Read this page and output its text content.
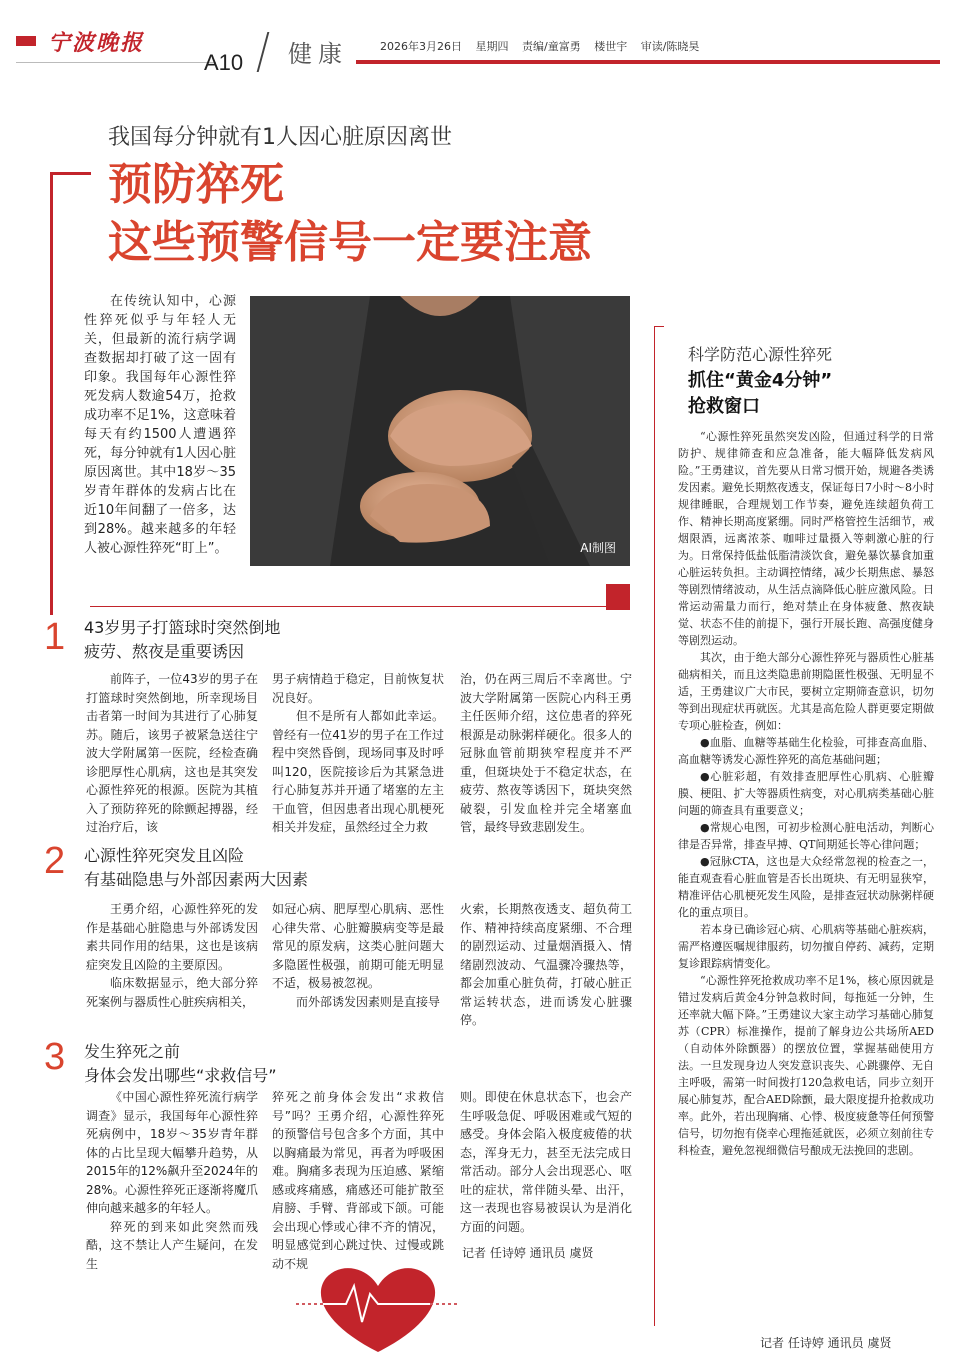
宁波晚报
A10 健康	2026年3月26日 星期四 责编/童富勇 楼世宇 审读/陈晓昊
我国每分钟就有1人因心脏原因离世
预防猝死
这些预警信号一定要注意

在传统认知中，心源性猝死似乎与年轻人无关，但最新的流行病学调查数据却打破了这一固有印象。我国每年心源性猝死发病人数逾54万，抢救成功率不足1%，这意味着每天有约1500人遭遇猝死，每分钟就有1人因心脏原因离世。其中18岁～35岁青年群体的发病占比在近10年间翻了一倍多，达到28%。越来越多的年轻人被心源性猝死“盯上”。	AI制图
1 43岁男子打篮球时突然倒地
疲劳、熬夜是重要诱因

前阵子，一位43岁的男子在打篮球时突然倒地，所幸现场目击者第一时间为其进行了心肺复苏。随后，该男子被紧急送往宁波大学附属第一医院，经检查确诊肥厚性心肌病，这也是其突发心源性猝死的根源。医院为其植入了预防猝死的除颤起搏器，经过治疗后，该

男子病情趋于稳定，目前恢复状况良好。

但不是所有人都如此幸运。曾经有一位41岁的男子在工作过程中突然昏倒，现场同事及时呼叫120，医院接诊后为其紧急进行心肺复苏并开通了堵塞的左主干血管，但因患者出现心肌梗死相关并发症，虽然经过全力救

治，仍在两三周后不幸离世。宁波大学附属第一医院心内科王勇主任医师介绍，这位患者的猝死根源是动脉粥样硬化。很多人的冠脉血管前期狭窄程度并不严重，但斑块处于不稳定状态，在疲劳、熬夜等诱因下，斑块突然破裂，引发血栓并完全堵塞血管，最终导致悲剧发生。

2 心源性猝死突发且凶险
有基础隐患与外部因素两大因素

王勇介绍，心源性猝死的发作是基础心脏隐患与外部诱发因素共同作用的结果，这也是该病症突发且凶险的主要原因。

临床数据显示，绝大部分猝死案例与器质性心脏疾病相关，

如冠心病、肥厚型心肌病、恶性心律失常、心脏瓣膜病变等是最常见的原发病，这类心脏问题大多隐匿性极强，前期可能无明显不适，极易被忽视。

而外部诱发因素则是直接导

火索，长期熬夜透支、超负荷工作、精神持续高度紧绷、不合理的剧烈运动、过量烟酒摄入、情绪剧烈波动、气温骤冷骤热等，都会加重心脏负荷，打破心脏正常运转状态，进而诱发心脏骤停。

3 发生猝死之前
身体会发出哪些“求救信号”

《中国心源性猝死流行病学调查》显示，我国每年心源性猝死病例中，18岁～35岁青年群体的占比呈现大幅攀升趋势，从2015年的12%飙升至2024年的28%。心源性猝死正逐渐将魔爪伸向越来越多的年轻人。

猝死的到来如此突然而残酷，这不禁让人产生疑问，在发生

猝死之前身体会发出“求救信号”吗？王勇介绍，心源性猝死的预警信号包含多个方面，其中以胸痛最为常见，再者为呼吸困难。胸痛多表现为压迫感、紧缩感或疼痛感，痛感还可能扩散至肩膀、手臂、背部或下颌。可能会出现心悸或心律不齐的情况，明显感觉到心跳过快、过慢或跳动不规

则。即使在休息状态下，也会产生呼吸急促、呼吸困难或气短的感受。身体会陷入极度疲倦的状态，浑身无力，甚至无法完成日常活动。部分人会出现恶心、呕吐的症状，常伴随头晕、出汗，这一表现也容易被误认为是消化方面的问题。

记者 任诗婷 通讯员 虞贤
科学防范心源性猝死
抓住“黄金4分钟”
抢救窗口

“心源性猝死虽然突发凶险，但通过科学的日常防护、规律筛查和应急准备，能大幅降低发病风险。”王勇建议，首先要从日常习惯开始，规避各类诱发因素。避免长期熬夜透支，保证每日7小时～8小时规律睡眠，合理规划工作节奏，避免连续超负荷工作、精神长期高度紧绷。同时严格管控生活细节，戒烟限酒，远离浓茶、咖啡过量摄入等刺激心脏的行为。日常保持低盐低脂清淡饮食，避免暴饮暴食加重心脏运转负担。主动调控情绪，减少长期焦虑、暴怒等剧烈情绪波动，从生活点滴降低心脏应激风险。日常运动需量力而行，绝对禁止在身体疲惫、熬夜缺觉、状态不佳的前提下，强行开展长跑、高强度健身等剧烈运动。

其次，由于绝大部分心源性猝死与器质性心脏基础病相关，而且这类隐患前期隐匿性极强、无明显不适，王勇建议广大市民，要树立定期筛查意识，切勿等到出现症状再就医。尤其是高危险人群更要定期做专项心脏检查，例如：

●血脂、血糖等基础生化检验，可排查高血脂、高血糖等诱发心源性猝死的高危基础问题；

●心脏彩超，有效排查肥厚性心肌病、心脏瓣膜、梗阻、扩大等器质性病变，对心肌病类基础心脏问题的筛查具有重要意义；

●常规心电图，可初步检测心脏电活动，判断心律是否异常，排查早搏、QT间期延长等心律问题；

●冠脉CTA，这也是大众经常忽视的检查之一，能直观查看心脏血管是否长出斑块、有无明显狭窄，精准评估心肌梗死发生风险，是排查冠状动脉粥样硬化的重点项目。

若本身已确诊冠心病、心肌病等基础心脏疾病，需严格遵医嘱规律服药，切勿擅自停药、减药，定期复诊跟踪病情变化。

“心源性猝死抢救成功率不足1%，核心原因就是错过发病后黄金4分钟急救时间，每拖延一分钟，生还率就大幅下降。”王勇建议大家主动学习基础心肺复苏（CPR）标准操作，提前了解身边公共场所AED（自动体外除颤器）的摆放位置，掌握基础使用方法。一旦发现身边人突发意识丧失、心跳骤停、无自主呼吸，需第一时间拨打120急救电话，同步立刻开展心肺复苏，配合AED除颤，最大限度提升抢救成功率。此外，若出现胸痛、心悸、极度疲惫等任何预警信号，切勿抱有侥幸心理拖延就医，必须立刻前往专科检查，避免忽视细微信号酿成无法挽回的悲剧。

记者 任诗婷 通讯员 虞贤
